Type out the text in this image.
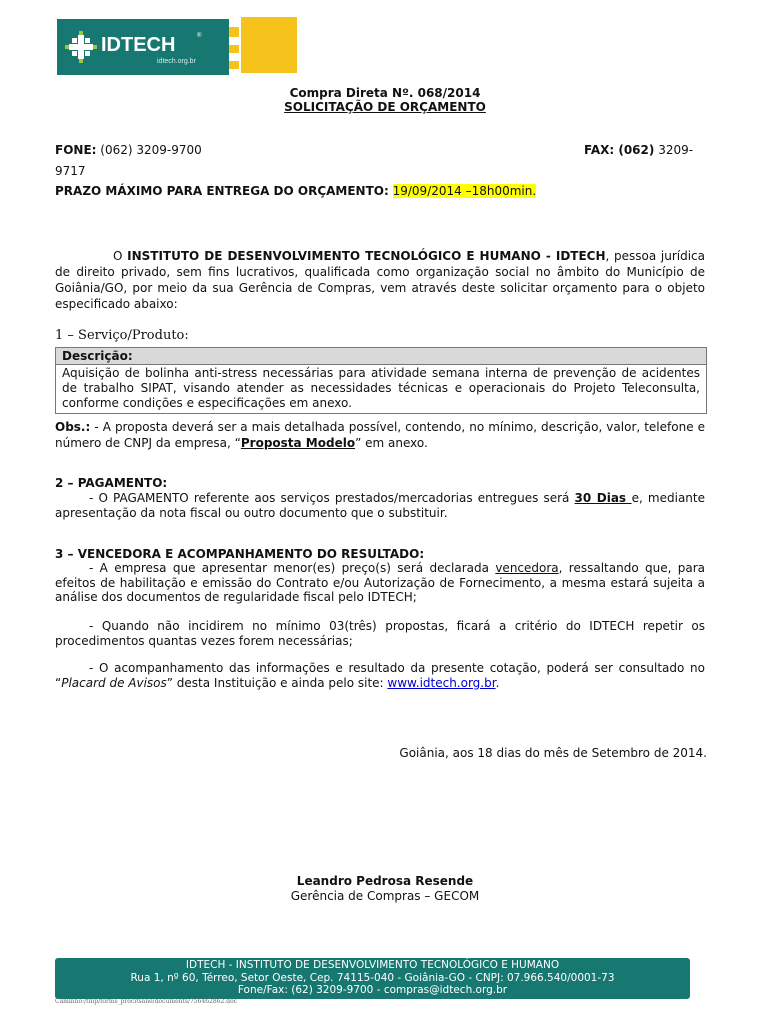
IDTECH	®
idtech.org.br
Compra Direta Nº. 068/2014
SOLICITAÇÃO DE ORÇAMENTO
FONE: (062) 3209-9700	FAX: (062) 3209-
9717
PRAZO MÁXIMO PARA ENTREGA DO ORÇAMENTO: 19/09/2014 –18h00min.
O INSTITUTO DE DESENVOLVIMENTO TECNOLÓGICO E HUMANO - IDTECH, pessoa jurídica de direito privado, sem fins lucrativos, qualificada como organização social no âmbito do Município de Goiânia/GO, por meio da sua Gerência de Compras, vem através deste solicitar orçamento para o objeto especificado abaixo:
1 – Serviço/Produto:
Descrição:
Aquisição de bolinha anti-stress necessárias para atividade semana interna de prevenção de acidentes de trabalho SIPAT, visando atender as necessidades técnicas e operacionais do Projeto Teleconsulta, conforme condições e especificações em anexo.
Obs.: - A proposta deverá ser a mais detalhada possível, contendo, no mínimo, descrição, valor, telefone e número de CNPJ da empresa, “Proposta Modelo” em anexo.
2 – PAGAMENTO:
- O PAGAMENTO referente aos serviços prestados/mercadorias entregues será 30 Dias e, mediante apresentação da nota fiscal ou outro documento que o substituir.
3 – VENCEDORA E ACOMPANHAMENTO DO RESULTADO:
- A empresa que apresentar menor(es) preço(s) será declarada vencedora, ressaltando que, para efeitos de habilitação e emissão do Contrato e/ou Autorização de Fornecimento, a mesma estará sujeita a análise dos documentos de regularidade fiscal pelo IDTECH;
- Quando não incidirem no mínimo 03(três) propostas, ficará a critério do IDTECH repetir os procedimentos quantas vezes forem necessárias;
- O acompanhamento das informações e resultado da presente cotação, poderá ser consultado no “Placard de Avisos” desta Instituição e ainda pelo site: www.idtech.org.br.
Goiânia, aos 18 dias do mês de Setembro de 2014.
Leandro Pedrosa Resende
Gerência de Compras – GECOM
IDTECH - INSTITUTO DE DESENVOLVIMENTO TECNOLÓGICO E HUMANO
Rua 1, nº 60, Térreo, Setor Oeste, Cep. 74115-040 - Goiânia-GO - CNPJ: 07.966.540/0001-73
Fone/Fax: (62) 3209-9700 - compras@idtech.org.br
Caminho:/tmp/forms_procitsane/documents/756462862.doc
